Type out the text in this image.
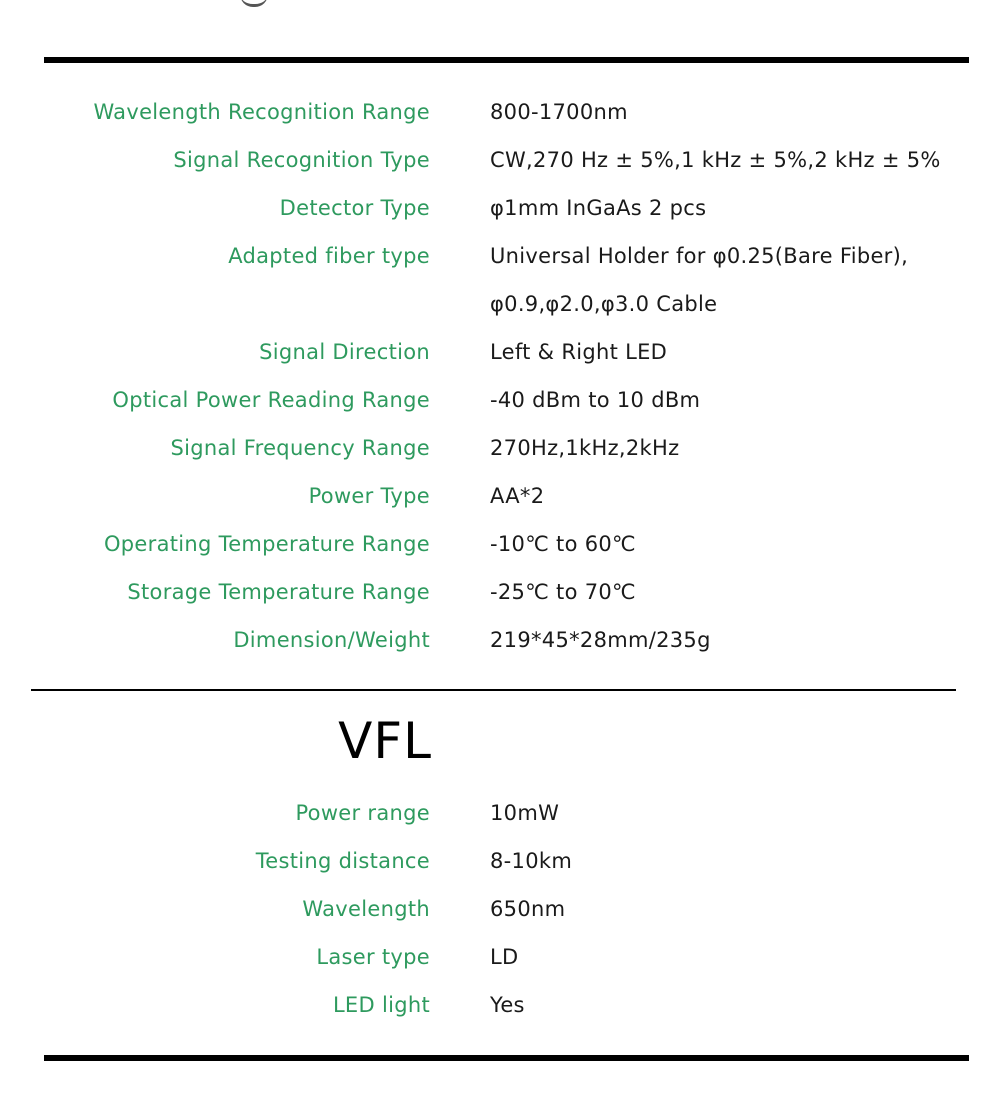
Wavelength Recognition Range	800-1700nm
Signal Recognition Type	CW,270 Hz ± 5%,1 kHz ± 5%,2 kHz ± 5%
Detector Type	φ1mm InGaAs 2 pcs
Adapted fiber type	Universal Holder for φ0.25(Bare Fiber),
φ0.9,φ2.0,φ3.0 Cable
Signal Direction	Left & Right LED
Optical Power Reading Range	-40 dBm to 10 dBm
Signal Frequency Range	270Hz,1kHz,2kHz
Power Type	AA*2
Operating Temperature Range	-10℃ to 60℃
Storage Temperature Range	-25℃ to 70℃
Dimension/Weight	219*45*28mm/235g
VFL
Power range	10mW
Testing distance	8-10km
Wavelength	650nm
Laser type	LD
LED light	Yes
